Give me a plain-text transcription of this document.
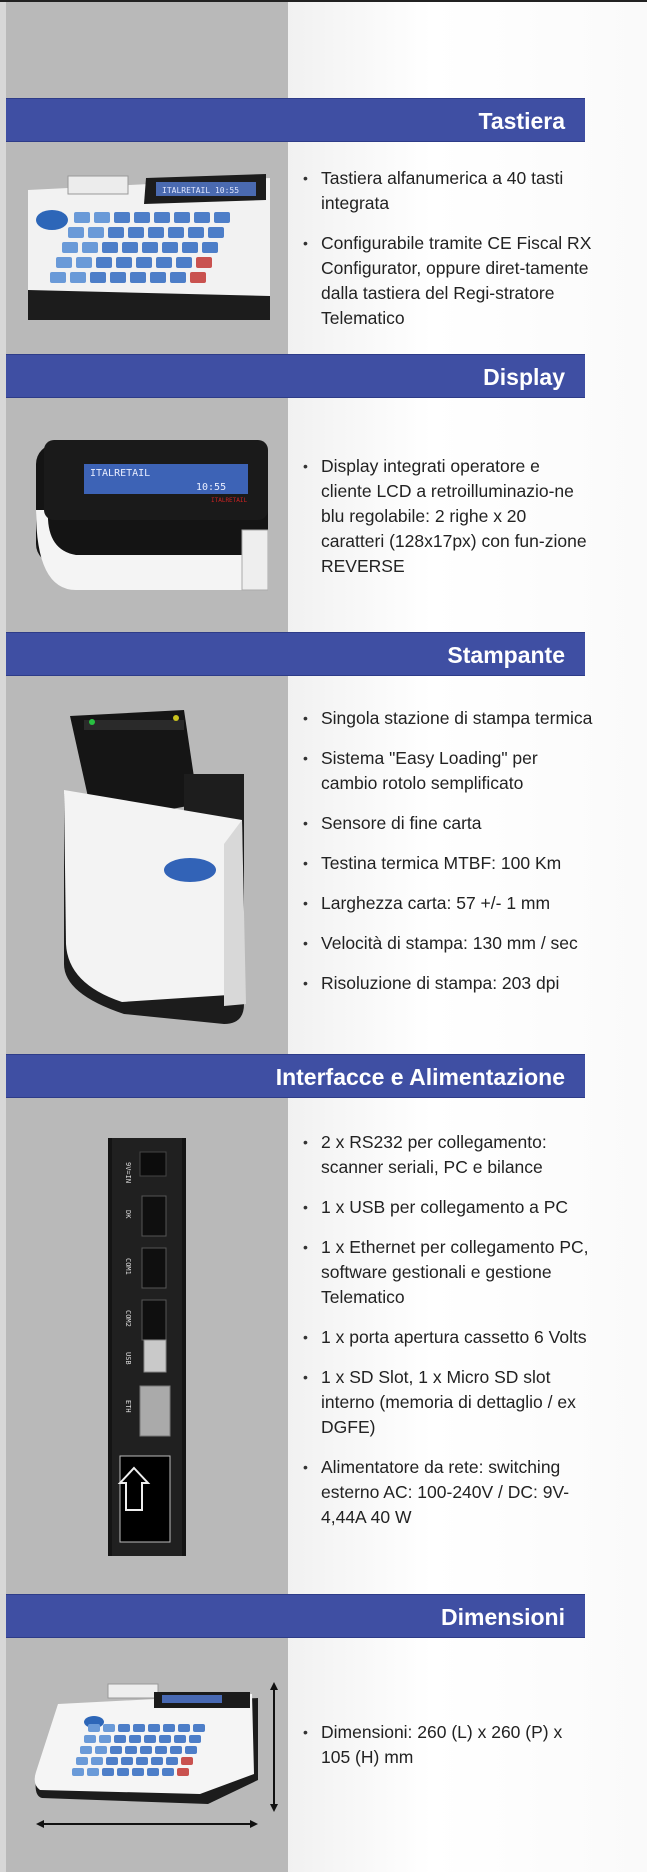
Tastiera
ITALRETAIL 10:55
• Tastiera alfanumerica a 40 tasti integrata
• Configurabile tramite CE Fiscal RX Configurator, oppure diret-tamente dalla tastiera del Regi-stratore Telematico
Display
ITALRETAIL
10:55
ITALRETAIL
• Display integrati operatore e cliente LCD a retroilluminazio-ne blu regolabile: 2 righe x 20 caratteri (128x17px) con fun-zione REVERSE
Stampante
• Singola stazione di stampa termica
• Sistema "Easy Loading" per cambio rotolo semplificato
• Sensore di fine carta
• Testina termica MTBF: 100 Km
• Larghezza carta: 57 +/- 1 mm
• Velocità di stampa: 130 mm / sec
• Risoluzione di stampa: 203 dpi
Interfacce e Alimentazione
9V=IN
DK
COM1
COM2
USB
ETH
• 2 x RS232 per collegamento: scanner seriali, PC e bilance
• 1 x USB per collegamento a PC
• 1 x Ethernet per collegamento PC, software gestionali e gestione Telematico
• 1 x porta apertura cassetto 6 Volts
• 1 x SD Slot, 1 x Micro SD slot interno (memoria di dettaglio / ex DGFE)
• Alimentatore da rete: switching esterno AC: 100-240V / DC: 9V-4,44A 40 W
Dimensioni
• Dimensioni: 260 (L) x 260 (P) x 105 (H) mm
